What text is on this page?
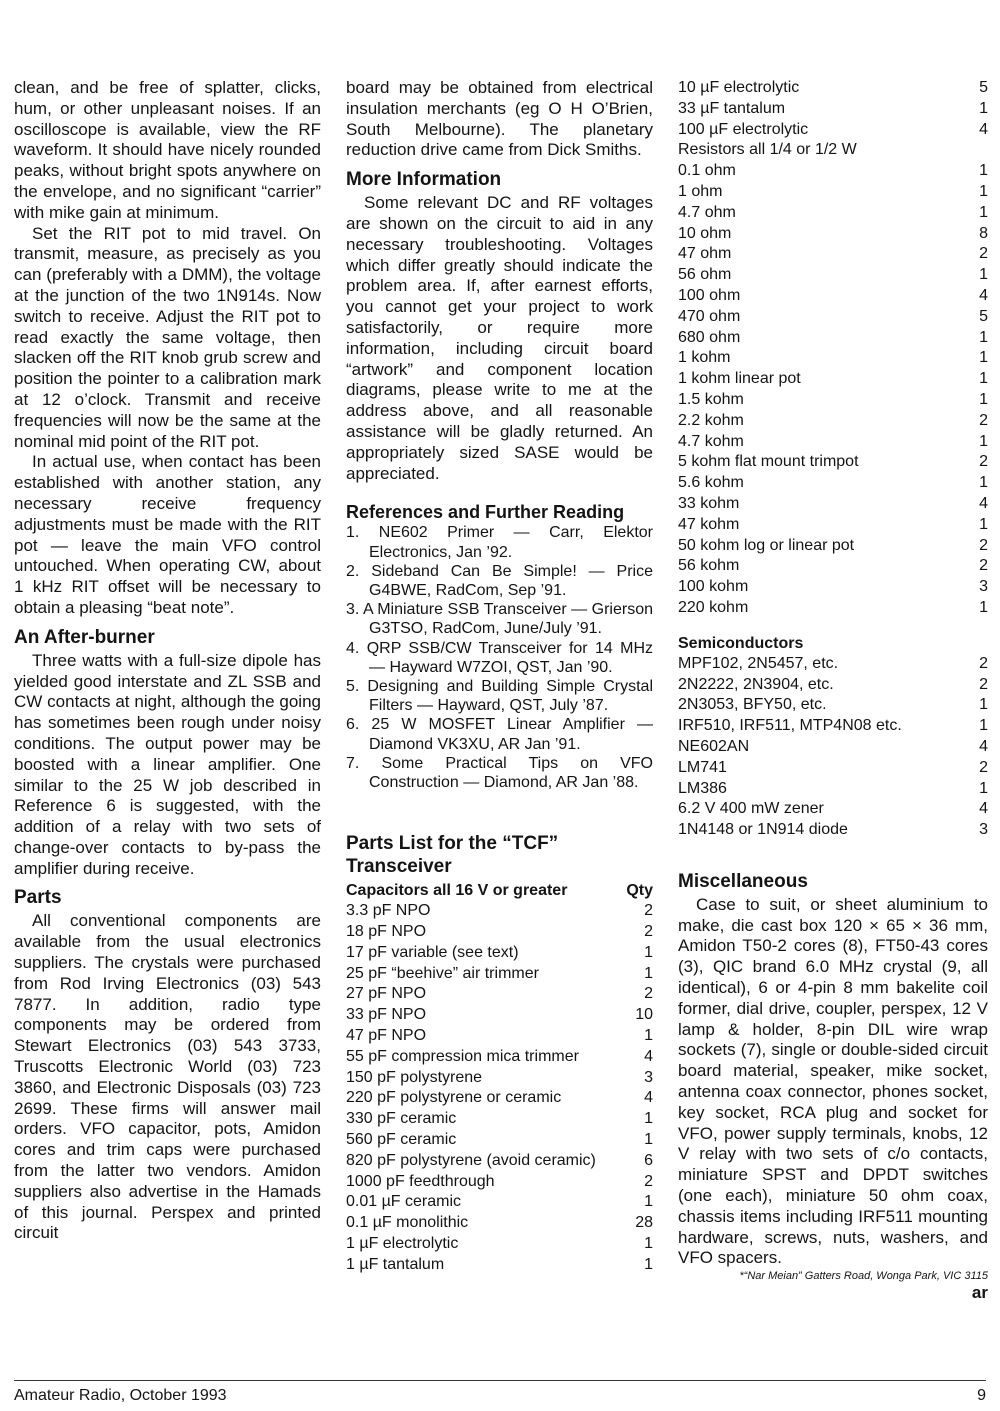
clean, and be free of splatter, clicks, hum, or other unpleasant noises. If an oscilloscope is available, view the RF waveform. It should have nicely rounded peaks, without bright spots anywhere on the envelope, and no significant “carrier” with mike gain at minimum.

Set the RIT pot to mid travel. On transmit, measure, as precisely as you can (preferably with a DMM), the voltage at the junction of the two 1N914s. Now switch to receive. Adjust the RIT pot to read exactly the same voltage, then slacken off the RIT knob grub screw and position the pointer to a calibration mark at 12 o’clock. Transmit and receive frequencies will now be the same at the nominal mid point of the RIT pot.

In actual use, when contact has been established with another station, any necessary receive frequency adjustments must be made with the RIT pot — leave the main VFO control untouched. When operating CW, about 1 kHz RIT offset will be necessary to obtain a pleasing “beat note”.

An After-burner

Three watts with a full-size dipole has yielded good interstate and ZL SSB and CW contacts at night, although the going has sometimes been rough under noisy conditions. The output power may be boosted with a linear amplifier. One similar to the 25 W job described in Reference 6 is suggested, with the addition of a relay with two sets of change-over contacts to by-pass the amplifier during receive.

Parts

All conventional components are available from the usual electronics suppliers. The crystals were purchased from Rod Irving Electronics (03) 543 7877. In addition, radio type components may be ordered from Stewart Electronics (03) 543 3733, Truscotts Electronic World (03) 723 3860, and Electronic Disposals (03) 723 2699. These firms will answer mail orders. VFO capacitor, pots, Amidon cores and trim caps were purchased from the latter two vendors. Amidon suppliers also advertise in the Hamads of this journal. Perspex and printed circuit

board may be obtained from electrical insulation merchants (eg O H O’Brien, South Melbourne). The planetary reduction drive came from Dick Smiths.

More Information

Some relevant DC and RF voltages are shown on the circuit to aid in any necessary troubleshooting. Voltages which differ greatly should indicate the problem area. If, after earnest efforts, you cannot get your project to work satisfactorily, or require more information, including circuit board “artwork” and component location diagrams, please write to me at the address above, and all reasonable assistance will be gladly returned. An appropriately sized SASE would be appreciated.

References and Further Reading
1. NE602 Primer — Carr, Elektor Electronics, Jan ’92.
2. Sideband Can Be Simple! — Price G4BWE, RadCom, Sep ’91.
3. A Miniature SSB Transceiver — Grierson G3TSO, RadCom, June/July ’91.
4. QRP SSB/CW Transceiver for 14 MHz — Hayward W7ZOI, QST, Jan ’90.
5. Designing and Building Simple Crystal Filters — Hayward, QST, July ’87.
6. 25 W MOSFET Linear Amplifier — Diamond VK3XU, AR Jan ’91.
7. Some Practical Tips on VFO Construction — Diamond, AR Jan ’88.
Parts List for the “TCF” Transceiver
Capacitors all 16 V or greater	Qty
3.3 pF NPO	2
18 pF NPO	2
17 pF variable (see text)	1
25 pF “beehive” air trimmer	1
27 pF NPO	2
33 pF NPO	10
47 pF NPO	1
55 pF compression mica trimmer	4
150 pF polystyrene	3
220 pF polystyrene or ceramic	4
330 pF ceramic	1
560 pF ceramic	1
820 pF polystyrene (avoid ceramic)	6
1000 pF feedthrough	2
0.01 µF ceramic	1
0.1 µF monolithic	28
1 µF electrolytic	1
1 µF tantalum	1
10 µF electrolytic	5
33 µF tantalum	1
100 µF electrolytic	4
Resistors all 1/4 or 1/2 W
0.1 ohm	1
1 ohm	1
4.7 ohm	1
10 ohm	8
47 ohm	2
56 ohm	1
100 ohm	4
470 ohm	5
680 ohm	1
1 kohm	1
1 kohm linear pot	1
1.5 kohm	1
2.2 kohm	2
4.7 kohm	1
5 kohm flat mount trimpot	2
5.6 kohm	1
33 kohm	4
47 kohm	1
50 kohm log or linear pot	2
56 kohm	2
100 kohm	3
220 kohm	1
Semiconductors
MPF102, 2N5457, etc.	2
2N2222, 2N3904, etc.	2
2N3053, BFY50, etc.	1
IRF510, IRF511, MTP4N08 etc.	1
NE602AN	4
LM741	2
LM386	1
6.2 V 400 mW zener	4
1N4148 or 1N914 diode	3
Miscellaneous

Case to suit, or sheet aluminium to make, die cast box 120 × 65 × 36 mm, Amidon T50-2 cores (8), FT50-43 cores (3), QIC brand 6.0 MHz crystal (9, all identical), 6 or 4-pin 8 mm bakelite coil former, dial drive, coupler, perspex, 12 V lamp & holder, 8-pin DIL wire wrap sockets (7), single or double-sided circuit board material, speaker, mike socket, antenna coax connector, phones socket, key socket, RCA plug and socket for VFO, power supply terminals, knobs, 12 V relay with two sets of c/o contacts, miniature SPST and DPDT switches (one each), miniature 50 ohm coax, chassis items including IRF511 mounting hardware, screws, nuts, washers, and VFO spacers.

*“Nar Meian” Gatters Road, Wonga Park, VIC 3115
ar
Amateur Radio, October 1993	9
